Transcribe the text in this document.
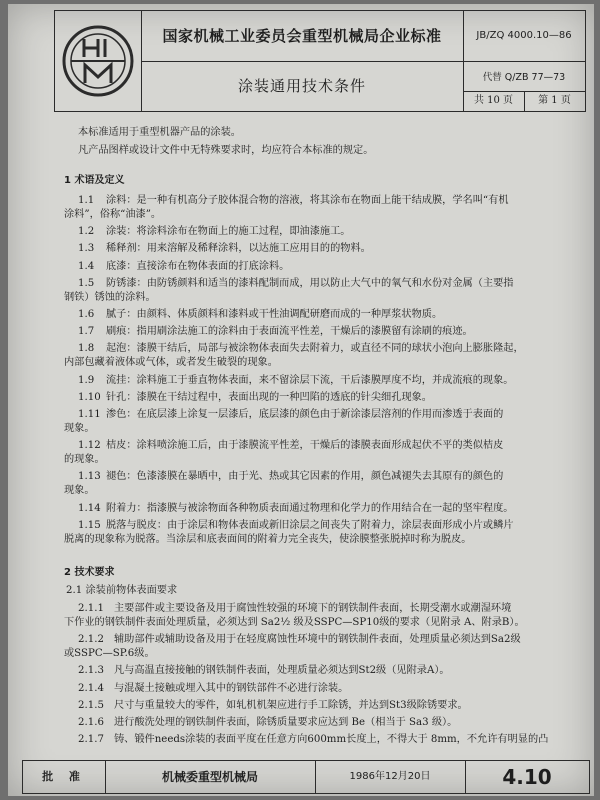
国家机械工业委员会重型机械局企业标准
涂装通用技术条件
JB/ZQ 4000.10—86
代替 Q/ZB 77—73
共 10 页	第 1 页
本标准适用于重型机器产品的涂装。
凡产品图样或设计文件中无特殊要求时，均应符合本标准的规定。
1 术语及定义
1.1 涂料：是一种有机高分子胶体混合物的溶液，将其涂布在物面上能干结成膜，学名叫“有机
涂料”，俗称“油漆”。
1.2 涂装：将涂料涂布在物面上的施工过程，即油漆施工。
1.3 稀释剂：用来溶解及稀释涂料，以达施工应用目的的物料。
1.4 底漆：直接涂布在物体表面的打底涂料。
1.5 防锈漆：由防锈颜料和适当的漆料配制而成，用以防止大气中的氧气和水份对金属（主要指
钢铁）锈蚀的涂料。
1.6 腻子：由颜料、体质颜料和漆料或干性油调配研磨而成的一种厚浆状物质。
1.7 刷痕：指用刷涂法施工的涂料由于表面流平性差，干燥后的漆膜留有涂刷的痕迹。
1.8 起泡：漆膜干结后，局部与被涂物体表面失去附着力，或直径不同的球状小泡向上膨胀隆起，
内部包藏着液体或气体，或者发生破裂的现象。
1.9 流挂：涂料施工于垂直物体表面，来不留涂层下流，干后漆膜厚度不均，并成流痕的现象。
1.10 针孔：漆膜在干结过程中，表面出现的一种凹陷的透底的针尖细孔现象。
1.11 渗色：在底层漆上涂复一层漆后，底层漆的颜色由于新涂漆层溶剂的作用而渗透于表面的
现象。
1.12 桔皮：涂料喷涂施工后，由于漆膜流平性差，干燥后的漆膜表面形成起伏不平的类似桔皮
的现象。
1.13 褪色：色漆漆膜在暴晒中，由于光、热或其它因素的作用，颜色减褪失去其原有的颜色的
现象。
1.14 附着力：指漆膜与被涂物面各种物质表面通过物理和化学力的作用结合在一起的坚牢程度。
1.15 脱落与脱皮：由于涂层和物体表面或新旧涂层之间丧失了附着力，涂层表面形成小片或鳞片
脱离的现象称为脱落。当涂层和底表面间的附着力完全丧失，使涂膜整张脱掉时称为脱皮。
2 技术要求
2.1 涂装前物体表面要求
2.1.1 主要部件或主要设备及用于腐蚀性较强的环境下的钢铁制件表面，长期受潮水或潮湿环境
下作业的钢铁制件表面处理质量，必须达到 Sa2½ 级及SSPC—SP10级的要求（见附录 A、附录B）。
2.1.2 辅助部件或辅助设备及用于在轻度腐蚀性环境中的钢铁制件表面，处理质量必须达到Sa2级
或SSPC—SP.6级。
2.1.3 凡与高温直接接触的钢铁制件表面，处理质量必须达到St2级（见附录A）。
2.1.4 与混凝土接触或埋入其中的钢铁部件不必进行涂装。
2.1.5 尺寸与重量较大的零件，如轧机机架应进行手工除锈，并达到St3级除锈要求。
2.1.6 进行酸洗处理的钢铁制件表面，除锈质量要求应达到 Be（相当于 Sa3 级）。
2.1.7 铸、锻件needs涂装的表面平度在任意方向600mm长度上，不得大于 8mm，不允许有明显的凸
批 准	机械委重型机械局	1986年12月20日	4.10
